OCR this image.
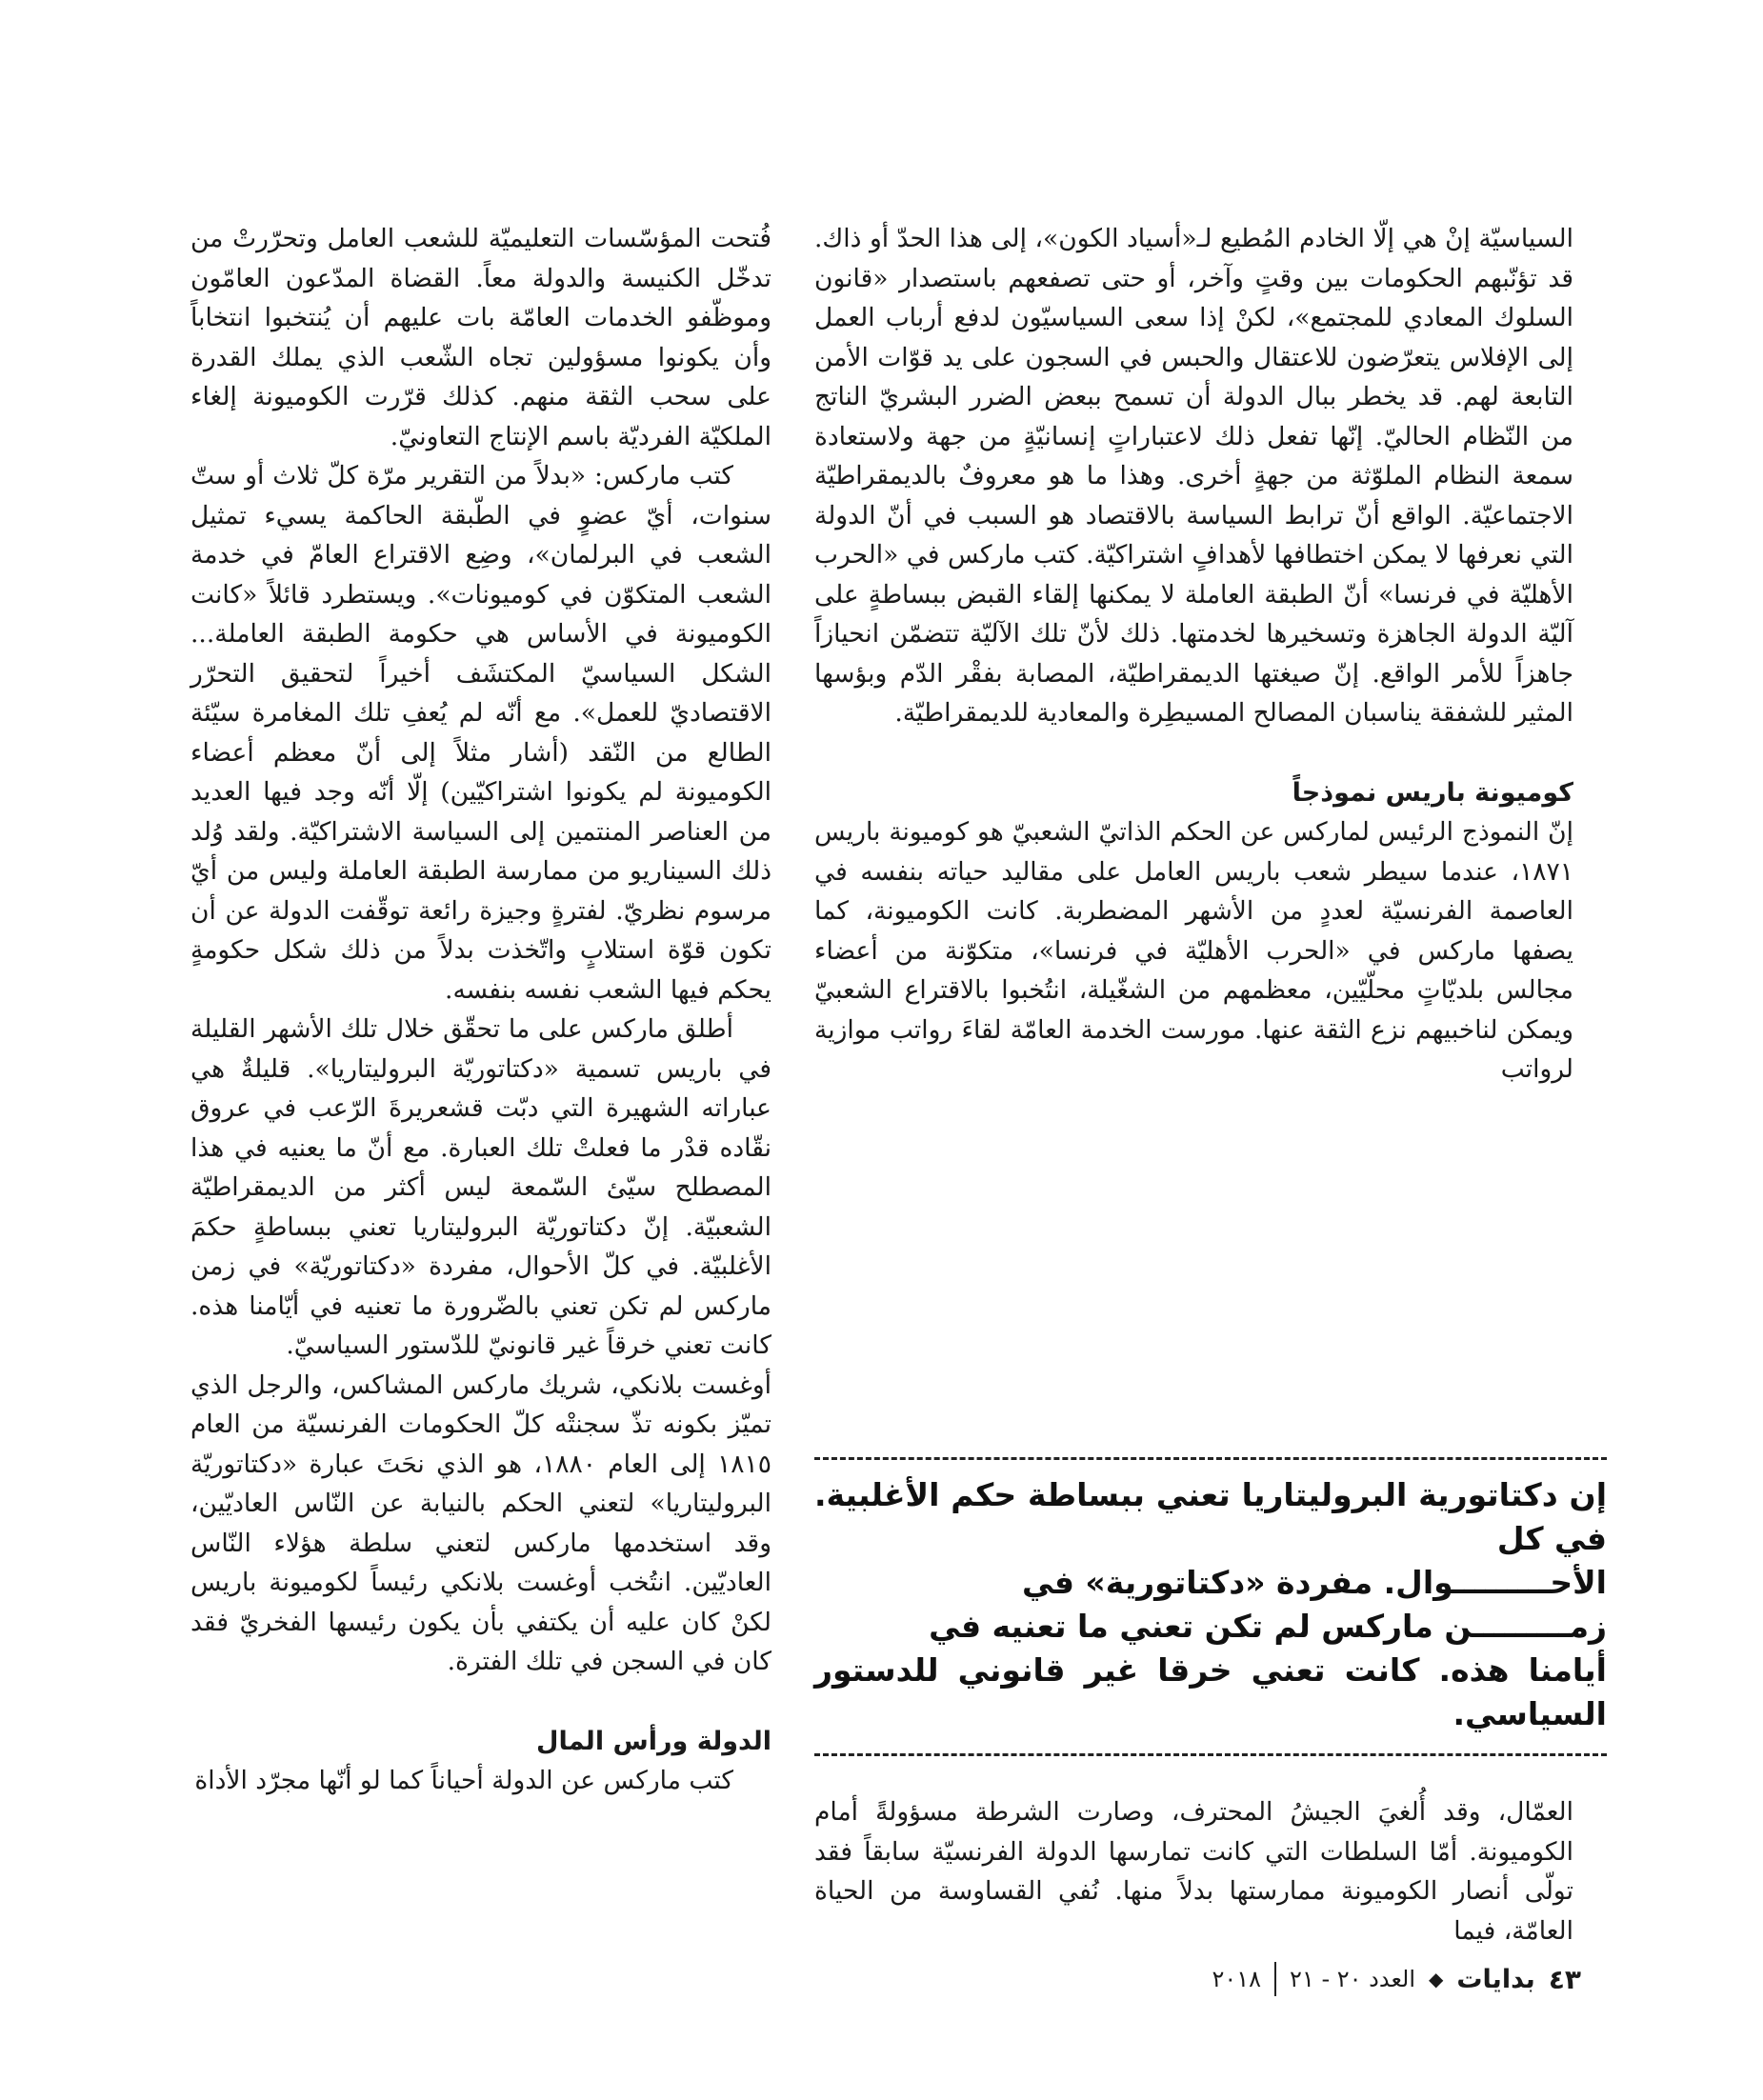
السياسيّة إنْ هي إلّا الخادم المُطيع لـ«أسياد الكون»، إلى هذا الحدّ أو ذاك. قد تؤنّبهم الحكومات بين وقتٍ وآخر، أو حتى تصفعهم باستصدار «قانون السلوك المعادي للمجتمع»، لكنْ إذا سعى السياسيّون لدفع أرباب العمل إلى الإفلاس يتعرّضون للاعتقال والحبس في السجون على يد قوّات الأمن التابعة لهم. قد يخطر ببال الدولة أن تسمح ببعض الضرر البشريّ الناتج من النّظام الحاليّ. إنّها تفعل ذلك لاعتباراتٍ إنسانيّةٍ من جهة ولاستعادة سمعة النظام الملوّثة من جهةٍ أخرى. وهذا ما هو معروفٌ بالديمقراطيّة الاجتماعيّة. الواقع أنّ ترابط السياسة بالاقتصاد هو السبب في أنّ الدولة التي نعرفها لا يمكن اختطافها لأهدافٍ اشتراكيّة. كتب ماركس في «الحرب الأهليّة في فرنسا» أنّ الطبقة العاملة لا يمكنها إلقاء القبض ببساطةٍ على آليّة الدولة الجاهزة وتسخيرها لخدمتها. ذلك لأنّ تلك الآليّة تتضمّن انحيازاً جاهزاً للأمر الواقع. إنّ صيغتها الديمقراطيّة، المصابة بفقْر الدّم وبؤسها المثير للشفقة يناسبان المصالح المسيطِرة والمعادية للديمقراطيّة.

كوميونة باريس نموذجاً

إنّ النموذج الرئيس لماركس عن الحكم الذاتيّ الشعبيّ هو كوميونة باريس ١٨٧١، عندما سيطر شعب باريس العامل على مقاليد حياته بنفسه في العاصمة الفرنسيّة لعددٍ من الأشهر المضطربة. كانت الكوميونة، كما يصفها ماركس في «الحرب الأهليّة في فرنسا»، متكوّنة من أعضاء مجالس بلديّاتٍ محلّيّين، معظمهم من الشغّيلة، انتُخبوا بالاقتراع الشعبيّ ويمكن لناخبيهم نزع الثقة عنها. مورست الخدمة العامّة لقاءَ رواتب موازية لرواتب

إن دكتاتورية البروليتاريا تعني ببساطة حكم الأغلبية. في كل
الأحـــــــــوال. مفردة «دكتاتورية» في
زمـــــــــن ماركس لم تكن تعني ما تعنيه في
أيامنا هذه. كانت تعني خرقا غير قانوني للدستور السياسي.

العمّال، وقد أُلغيَ الجيشُ المحترف، وصارت الشرطة مسؤولةً أمام الكوميونة. أمّا السلطات التي كانت تمارسها الدولة الفرنسيّة سابقاً فقد تولّى أنصار الكوميونة ممارستها بدلاً منها. نُفي القساوسة من الحياة العامّة، فيما

فُتحت المؤسّسات التعليميّة للشعب العامل وتحرّرتْ من تدخّل الكنيسة والدولة معاً. القضاة المدّعون العامّون وموظّفو الخدمات العامّة بات عليهم أن يُنتخبوا انتخاباً وأن يكونوا مسؤولين تجاه الشّعب الذي يملك القدرة على سحب الثقة منهم. كذلك قرّرت الكوميونة إلغاء الملكيّة الفرديّة باسم الإنتاج التعاونيّ.

كتب ماركس: «بدلاً من التقرير مرّة كلّ ثلاث أو ستّ سنوات، أيّ عضوٍ في الطّبقة الحاكمة يسيء تمثيل الشعب في البرلمان»، وضِع الاقتراع العامّ في خدمة الشعب المتكوّن في كوميونات». ويستطرد قائلاً «كانت الكوميونة في الأساس هي حكومة الطبقة العاملة... الشكل السياسيّ المكتشَف أخيراً لتحقيق التحرّر الاقتصاديّ للعمل». مع أنّه لم يُعفِ تلك المغامرة سيّئة الطالع من النّقد (أشار مثلاً إلى أنّ معظم أعضاء الكوميونة لم يكونوا اشتراكيّين) إلّا أنّه وجد فيها العديد من العناصر المنتمين إلى السياسة الاشتراكيّة. ولقد وُلد ذلك السيناريو من ممارسة الطبقة العاملة وليس من أيّ مرسوم نظريّ. لفترةٍ وجيزة رائعة توقّفت الدولة عن أن تكون قوّة استلابٍ واتّخذت بدلاً من ذلك شكل حكومةٍ يحكم فيها الشعب نفسه بنفسه.

أطلق ماركس على ما تحقّق خلال تلك الأشهر القليلة في باريس تسمية «دكتاتوريّة البروليتاريا». قليلةٌ هي عباراته الشهيرة التي دبّت قشعريرةَ الرّعب في عروق نقّاده قدْر ما فعلتْ تلك العبارة. مع أنّ ما يعنيه في هذا المصطلح سيّئ السّمعة ليس أكثر من الديمقراطيّة الشعبيّة. إنّ دكتاتوريّة البروليتاريا تعني ببساطةٍ حكمَ الأغلبيّة. في كلّ الأحوال، مفردة «دكتاتوريّة» في زمن ماركس لم تكن تعني بالضّرورة ما تعنيه في أيّامنا هذه. كانت تعني خرقاً غير قانونيّ للدّستور السياسيّ.

أوغست بلانكي، شريك ماركس المشاكس، والرجل الذي تميّز بكونه تذّ سجنتْه كلّ الحكومات الفرنسيّة من العام ١٨١٥ إلى العام ١٨٨٠، هو الذي نحَتَ عبارة «دكتاتوريّة البروليتاريا» لتعني الحكم بالنيابة عن النّاس العاديّين، وقد استخدمها ماركس لتعني سلطة هؤلاء النّاس العاديّين. انتُخب أوغست بلانكي رئيساً لكوميونة باريس لكنْ كان عليه أن يكتفي بأن يكون رئيسها الفخريّ فقد كان في السجن في تلك الفترة.

الدولة ورأس المال

كتب ماركس عن الدولة أحياناً كما لو أنّها مجرّد الأداة

٤٣
بدايات
◆
العدد ٢٠ - ٢١
٢٠١٨
